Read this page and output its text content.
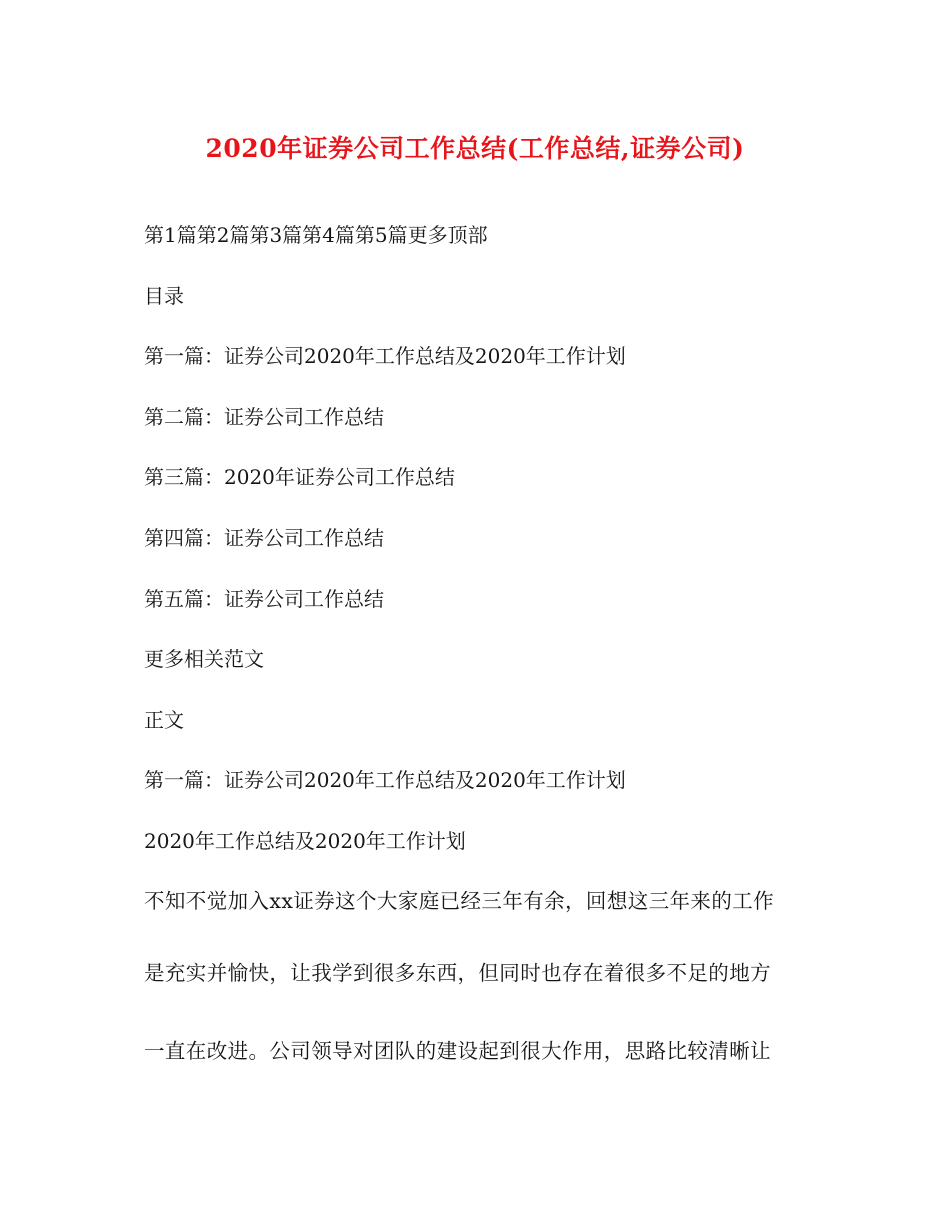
2020年证券公司工作总结(工作总结,证券公司)
第1篇第2篇第3篇第4篇第5篇更多顶部
目录
第一篇：证券公司2020年工作总结及2020年工作计划
第二篇：证券公司工作总结
第三篇：2020年证券公司工作总结
第四篇：证券公司工作总结
第五篇：证券公司工作总结
更多相关范文
正文
第一篇：证券公司2020年工作总结及2020年工作计划
2020年工作总结及2020年工作计划
不知不觉加入xx证券这个大家庭已经三年有余，回想这三年来的工作
是充实并愉快，让我学到很多东西，但同时也存在着很多不足的地方
一直在改进。公司领导对团队的建设起到很大作用，思路比较清晰让
